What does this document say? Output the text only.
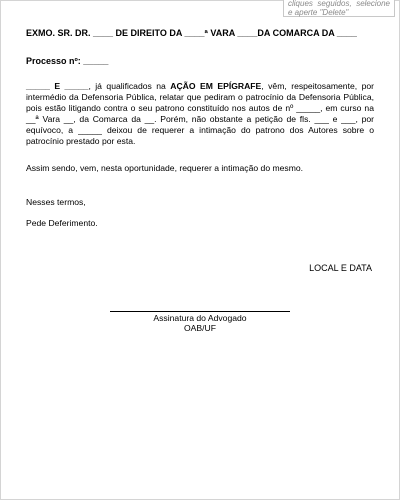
cliques seguidos, selecione e aperte "Delete"
EXMO. SR. DR. ____ DE DIREITO DA ____ª VARA ____DA COMARCA DA ____
Processo nº: _____
_____ E _____, já qualificados na AÇÃO EM EPÍGRAFE, vêm, respeitosamente, por intermédio da Defensoria Pública, relatar que pediram o patrocínio da Defensoria Pública, pois estão litigando contra o seu patrono constituído nos autos de nº _____, em curso na __ª Vara __, da Comarca da __. Porém, não obstante a petição de fls. ___ e ___, por equívoco, a _____ deixou de requerer a intimação do patrono dos Autores sobre o patrocínio prestado por esta.
Assim sendo, vem, nesta oportunidade, requerer a intimação do mesmo.
Nesses termos,
Pede Deferimento.
LOCAL E DATA
Assinatura do Advogado
OAB/UF
